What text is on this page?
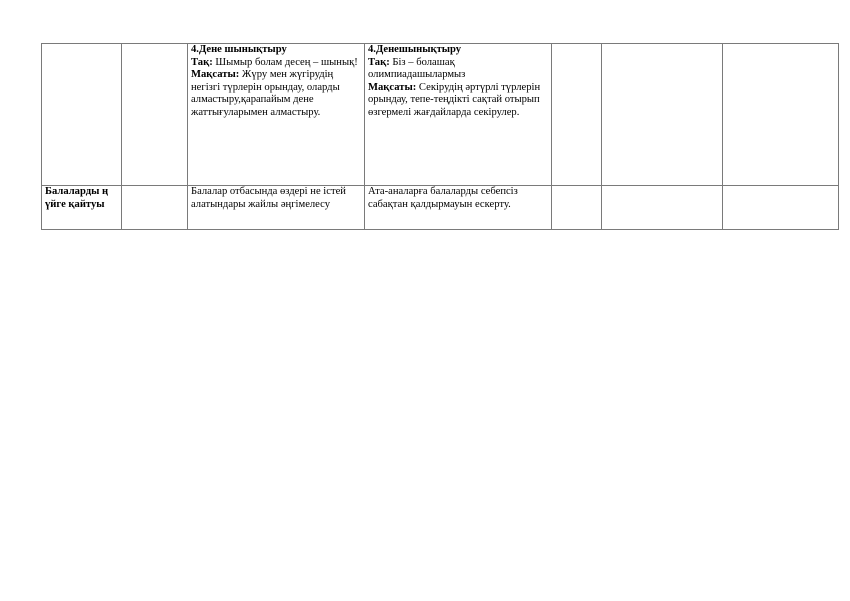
		4.Дене шынықтыру
Тақ: Шымыр болам десең – шынық!
Мақсаты: Жүру мен жүгірудің негізгі түрлерін орындау, оларды алмастыру,қарапайым дене жаттығуларымен алмастыру.	4.Денешынықтыру
Тақ: Біз – болашақ олимпиадашылармыз
Мақсаты: Секірудің әртүрлі түрлерін орындау, тепе-теңдікті сақтай отырып өзгермелі жағдайларда секірулер.			
Балаларды ң үйге қайтуы		Балалар отбасында өздері не істей алатындары жайлы әңгімелесу	Ата-аналарға балаларды себепсіз сабақтан қалдырмауын ескерту.			
